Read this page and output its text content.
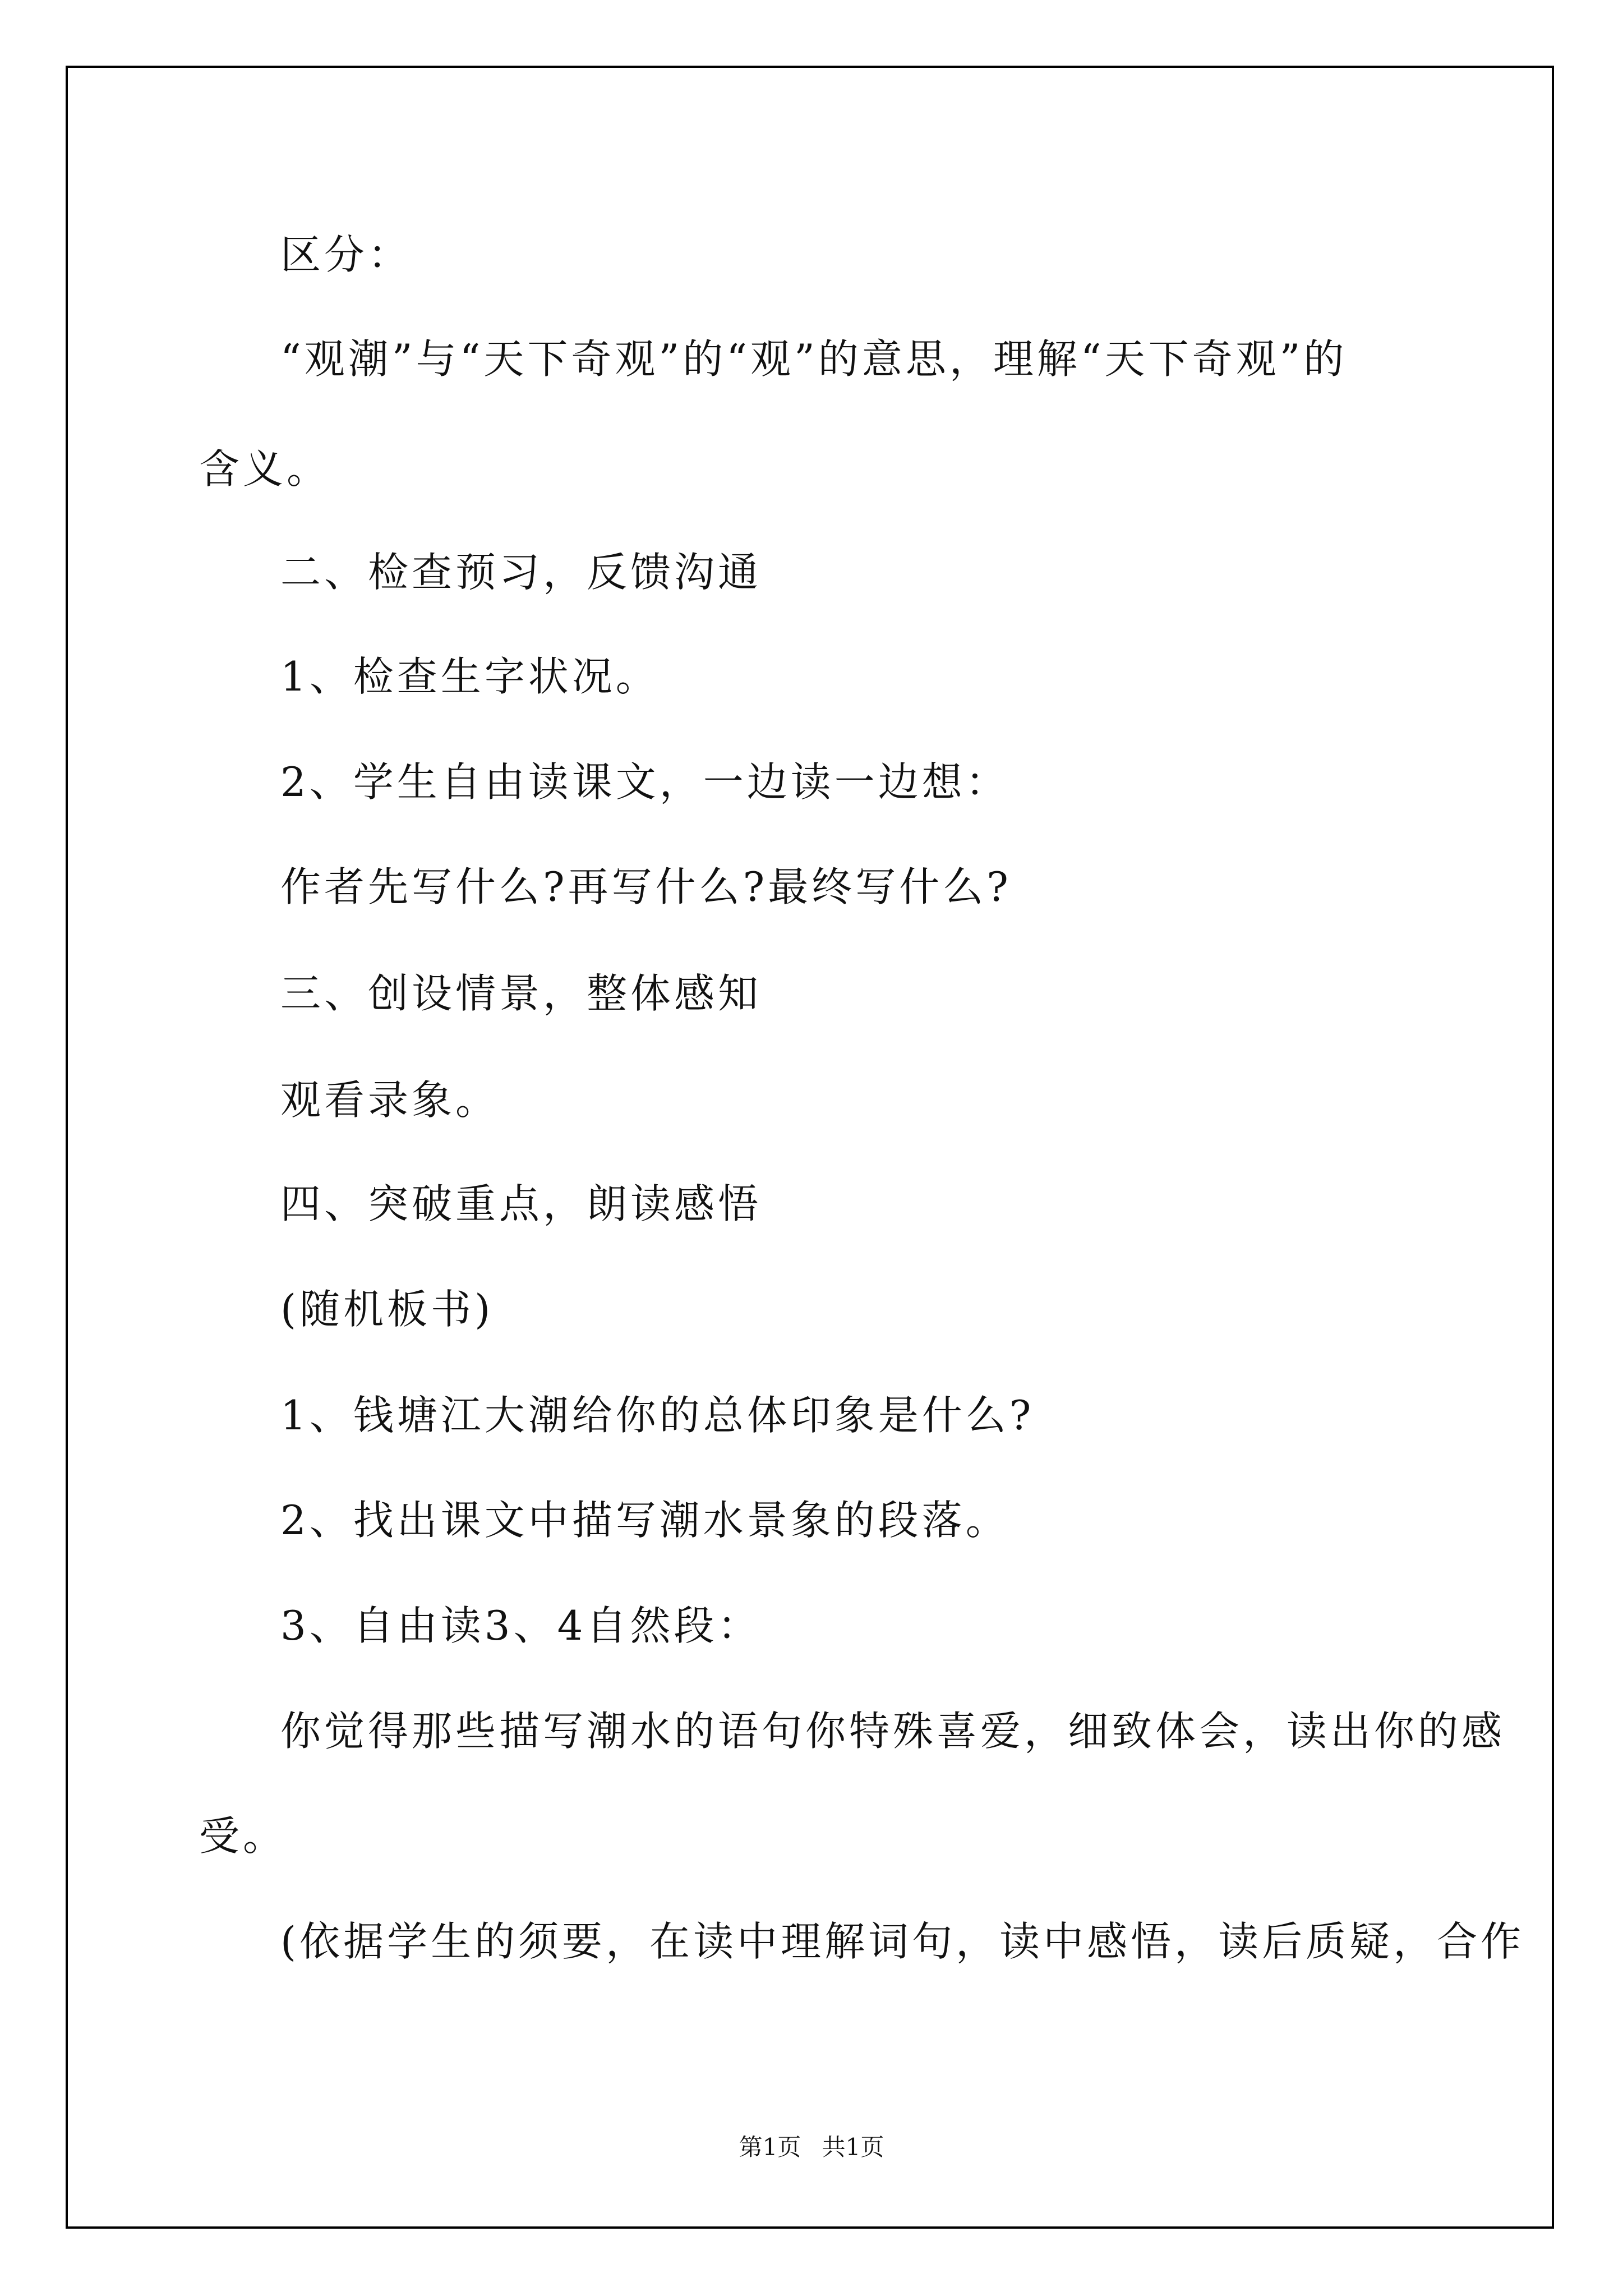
区分：
“观潮”与“天下奇观”的“观”的意思，理解“天下奇观”的
含义。
二、检查预习，反馈沟通
1、检查生字状况。
2、学生自由读课文，一边读一边想：
作者先写什么?再写什么?最终写什么?
三、创设情景，整体感知
观看录象。
四、突破重点，朗读感悟
(随机板书)
1、钱塘江大潮给你的总体印象是什么?
2、找出课文中描写潮水景象的段落。
3、自由读3、4自然段：
你觉得那些描写潮水的语句你特殊喜爱，细致体会，读出你的感
受。
(依据学生的须要，在读中理解词句，读中感悟，读后质疑，合作
第1页 共1页
